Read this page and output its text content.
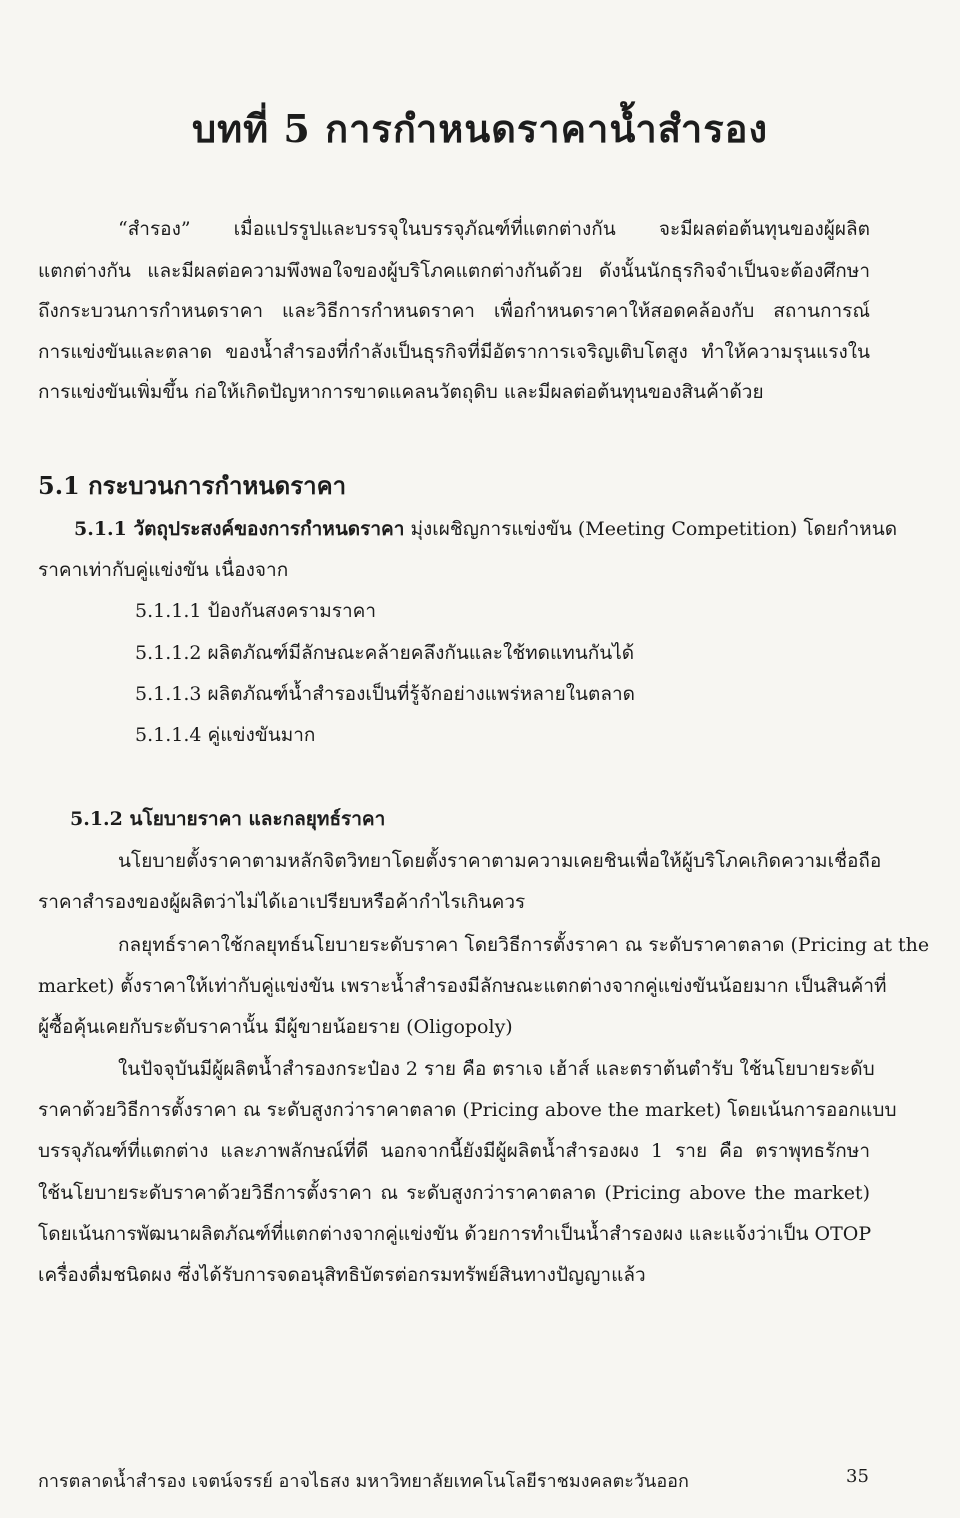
บทที่ 5 การกำหนดราคาน้ำสำรอง
“สำรอง” เมื่อแปรรูปและบรรจุในบรรจุภัณฑ์ที่แตกต่างกัน จะมีผลต่อต้นทุนของผู้ผลิต
แตกต่างกัน และมีผลต่อความพึงพอใจของผู้บริโภคแตกต่างกันด้วย ดังนั้นนักธุรกิจจำเป็นจะต้องศึกษา
ถึงกระบวนการกำหนดราคา และวิธีการกำหนดราคา เพื่อกำหนดราคาให้สอดคล้องกับ สถานการณ์
การแข่งขันและตลาด ของน้ำสำรองที่กำลังเป็นธุรกิจที่มีอัตราการเจริญเติบโตสูง ทำให้ความรุนแรงใน
การแข่งขันเพิ่มขึ้น ก่อให้เกิดปัญหาการขาดแคลนวัตถุดิบ และมีผลต่อต้นทุนของสินค้าด้วย
5.1 กระบวนการกำหนดราคา
5.1.1 วัตถุประสงค์ของการกำหนดราคา มุ่งเผชิญการแข่งขัน (Meeting Competition) โดยกำหนด
ราคาเท่ากับคู่แข่งขัน เนื่องจาก
5.1.1.1 ป้องกันสงครามราคา
5.1.1.2 ผลิตภัณฑ์มีลักษณะคล้ายคลึงกันและใช้ทดแทนกันได้
5.1.1.3 ผลิตภัณฑ์น้ำสำรองเป็นที่รู้จักอย่างแพร่หลายในตลาด
5.1.1.4 คู่แข่งขันมาก
5.1.2 นโยบายราคา และกลยุทธ์ราคา
นโยบายตั้งราคาตามหลักจิตวิทยาโดยตั้งราคาตามความเคยชินเพื่อให้ผู้บริโภคเกิดความเชื่อถือ
ราคาสำรองของผู้ผลิตว่าไม่ได้เอาเปรียบหรือค้ากำไรเกินควร
กลยุทธ์ราคาใช้กลยุทธ์นโยบายระดับราคา โดยวิธีการตั้งราคา ณ ระดับราคาตลาด (Pricing at the
market) ตั้งราคาให้เท่ากับคู่แข่งขัน เพราะน้ำสำรองมีลักษณะแตกต่างจากคู่แข่งขันน้อยมาก เป็นสินค้าที่
ผู้ซื้อคุ้นเคยกับระดับราคานั้น มีผู้ขายน้อยราย (Oligopoly)
ในปัจจุบันมีผู้ผลิตน้ำสำรองกระป๋อง 2 ราย คือ ตราเจ เฮ้าส์ และตราต้นตำรับ ใช้นโยบายระดับ
ราคาด้วยวิธีการตั้งราคา ณ ระดับสูงกว่าราคาตลาด (Pricing above the market) โดยเน้นการออกแบบ
บรรจุภัณฑ์ที่แตกต่าง และภาพลักษณ์ที่ดี นอกจากนี้ยังมีผู้ผลิตน้ำสำรองผง 1 ราย คือ ตราพุทธรักษา
ใช้นโยบายระดับราคาด้วยวิธีการตั้งราคา ณ ระดับสูงกว่าราคาตลาด (Pricing above the market)
โดยเน้นการพัฒนาผลิตภัณฑ์ที่แตกต่างจากคู่แข่งขัน ด้วยการทำเป็นน้ำสำรองผง และแจ้งว่าเป็น OTOP
เครื่องดื่มชนิดผง ซึ่งได้รับการจดอนุสิทธิบัตรต่อกรมทรัพย์สินทางปัญญาแล้ว
การตลาดน้ำสำรอง เจตน์จรรย์ อาจไธสง มหาวิทยาลัยเทคโนโลยีราชมงคลตะวันออก	35
